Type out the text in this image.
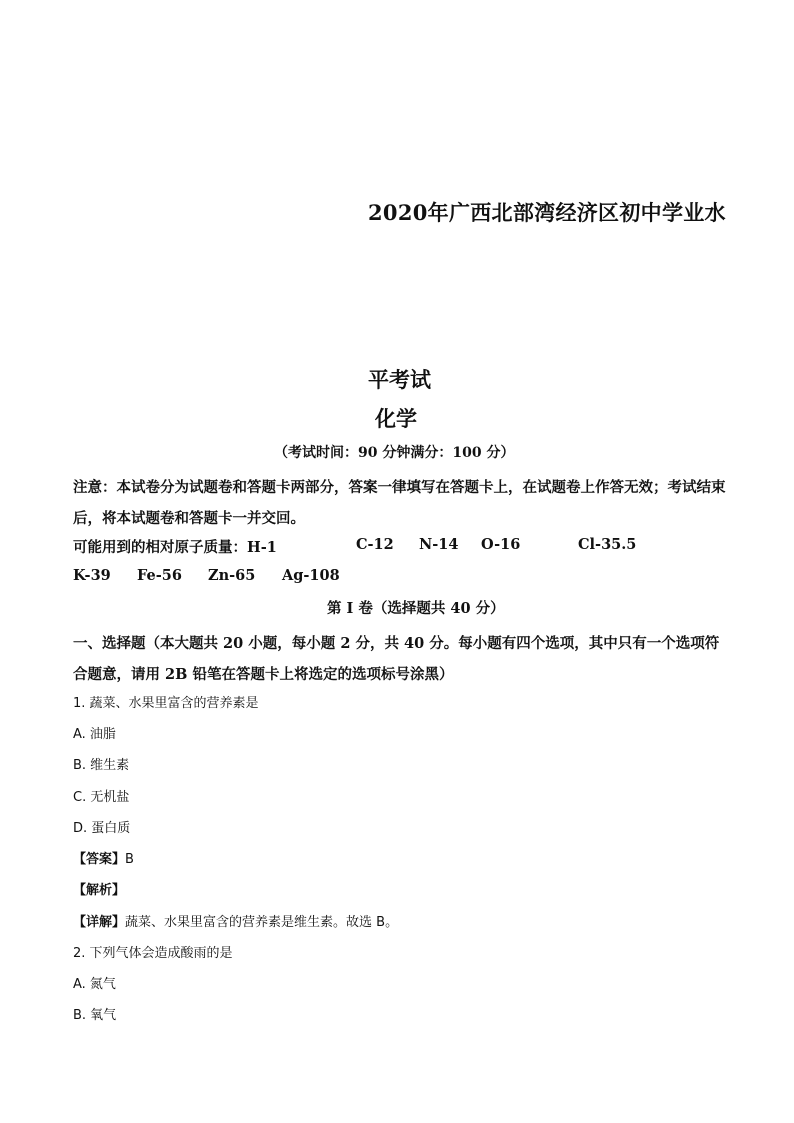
2020年广西北部湾经济区初中学业水
平考试
化学
（考试时间：90 分钟满分：100 分）
注意：本试卷分为试题卷和答题卡两部分，答案一律填写在答题卡上，在试题卷上作答无效；考试结束后，将本试题卷和答题卡一并交回。
可能用到的相对原子质量：H-1	C-12 N-14 O-16	Cl-35.5
K-39 Fe-56 Zn-65 Ag-108
第 I 卷（选择题共 40 分）
一、选择题（本大题共 20 小题，每小题 2 分，共 40 分。每小题有四个选项，其中只有一个选项符合题意，请用 2B 铅笔在答题卡上将选定的选项标号涂黑）
1. 蔬菜、水果里富含的营养素是
A. 油脂
B. 维生素
C. 无机盐
D. 蛋白质
【答案】B
【解析】
【详解】蔬菜、水果里富含的营养素是维生素。故选 B。
2. 下列气体会造成酸雨的是
A. 氮气
B. 氧气
